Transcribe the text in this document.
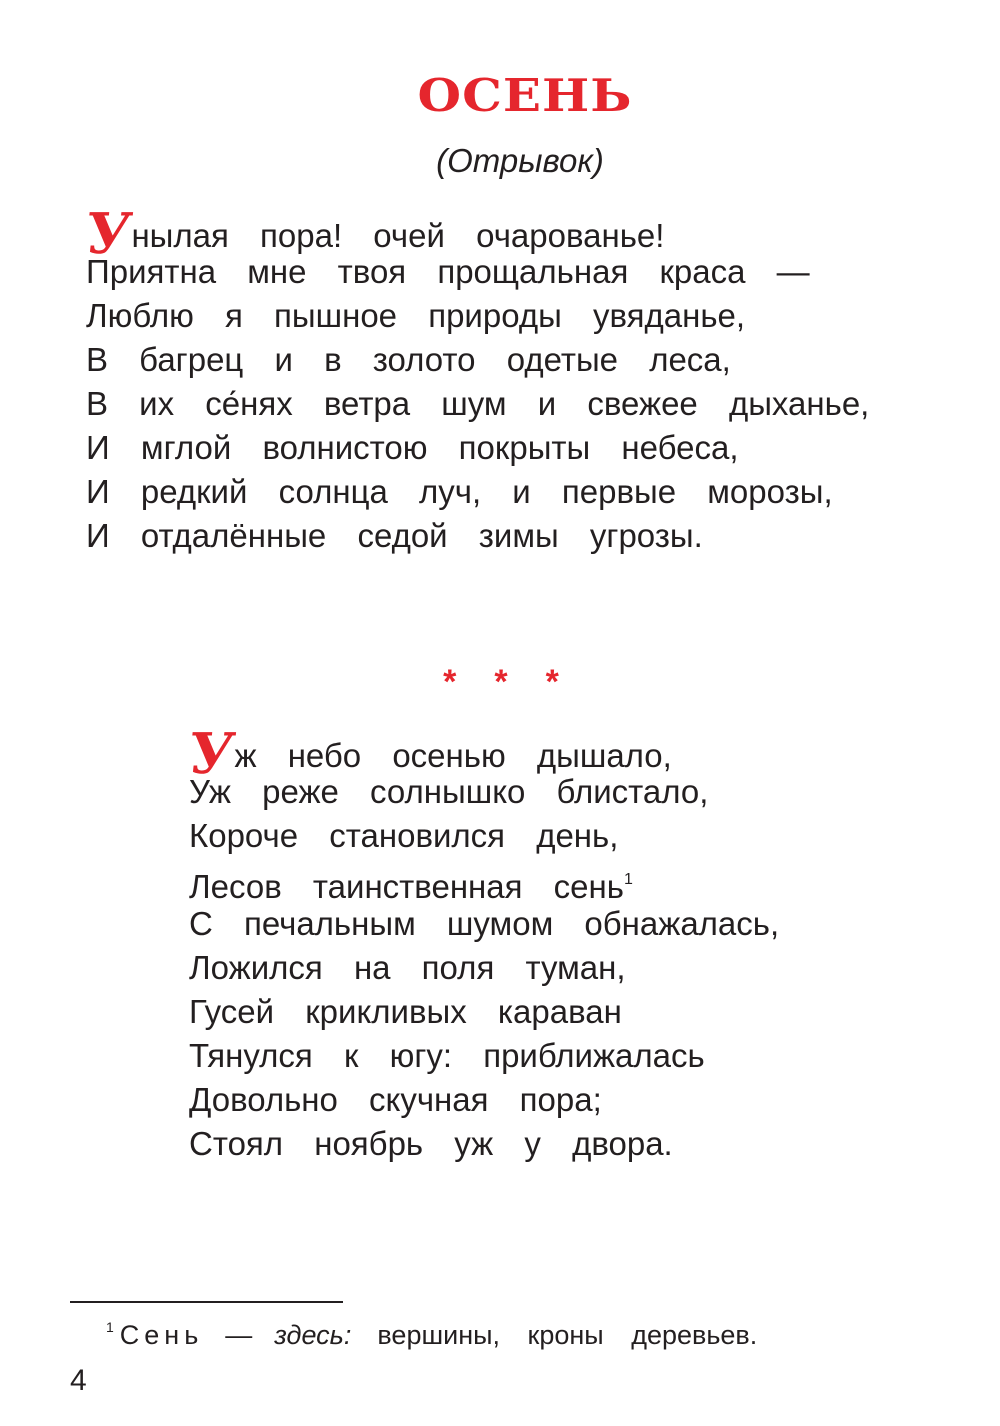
ОСЕНЬ
(Отрывок)
Унылая пора! очей очарованье!
Приятна мне твоя прощальная краса —
Люблю я пышное природы увяданье,
В багрец и в золото одетые леса,
В их се́нях ветра шум и свежее дыханье,
И мглой волнистою покрыты небеса,
И редкий солнца луч, и первые морозы,
И отдалённые седой зимы угрозы.
***
Уж небо осенью дышало,
Уж реже солнышко блистало,
Короче становился день,
Лесов таинственная сень$^1$
С печальным шумом обнажалась,
Ложился на поля туман,
Гусей крикливых караван
Тянулся к югу: приближалась
Довольно скучная пора;
Стоял ноябрь уж у двора.
$^1$ Сень — здесь: вершины, кроны деревьев.
4
